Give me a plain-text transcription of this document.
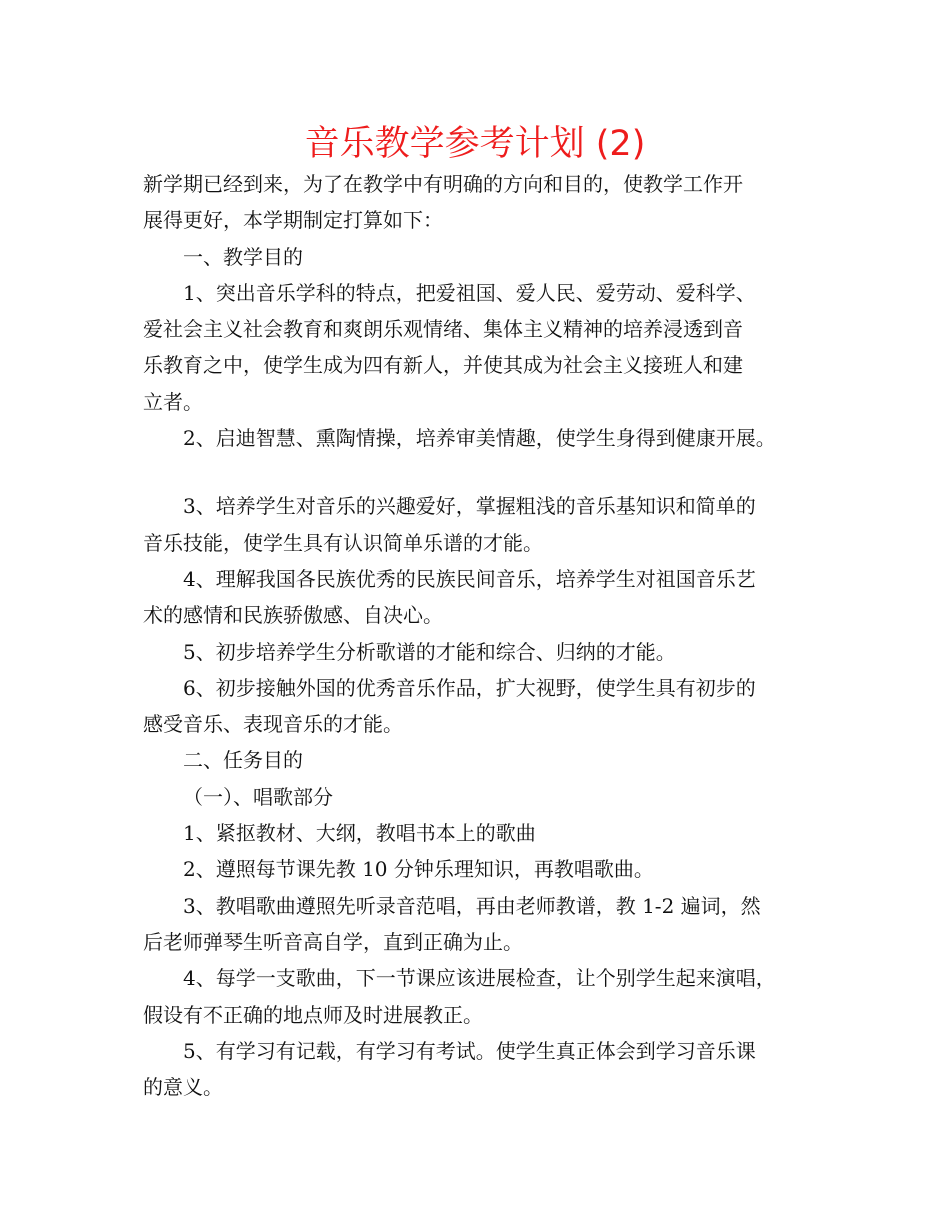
音乐教学参考计划 (2)
新学期已经到来，为了在教学中有明确的方向和目的，使教学工作开
展得更好，本学期制定打算如下：
一、教学目的
1、突出音乐学科的特点，把爱祖国、爱人民、爱劳动、爱科学、
爱社会主义社会教育和爽朗乐观情绪、集体主义精神的培养浸透到音
乐教育之中，使学生成为四有新人，并使其成为社会主义接班人和建
立者。
2、启迪智慧、熏陶情操，培养审美情趣，使学生身得到健康开展。
3、培养学生对音乐的兴趣爱好，掌握粗浅的音乐基知识和简单的
音乐技能，使学生具有认识简单乐谱的才能。
4、理解我国各民族优秀的民族民间音乐，培养学生对祖国音乐艺
术的感情和民族骄傲感、自决心。
5、初步培养学生分析歌谱的才能和综合、归纳的才能。
6、初步接触外国的优秀音乐作品，扩大视野，使学生具有初步的
感受音乐、表现音乐的才能。
二、任务目的
（一）、唱歌部分
1、紧抠教材、大纲，教唱书本上的歌曲
2、遵照每节课先教 10 分钟乐理知识，再教唱歌曲。
3、教唱歌曲遵照先听录音范唱，再由老师教谱，教 1-2 遍词，然
后老师弹琴生听音高自学，直到正确为止。
4、每学一支歌曲，下一节课应该进展检查，让个别学生起来演唱，
假设有不正确的地点师及时进展教正。
5、有学习有记载，有学习有考试。使学生真正体会到学习音乐课
的意义。
